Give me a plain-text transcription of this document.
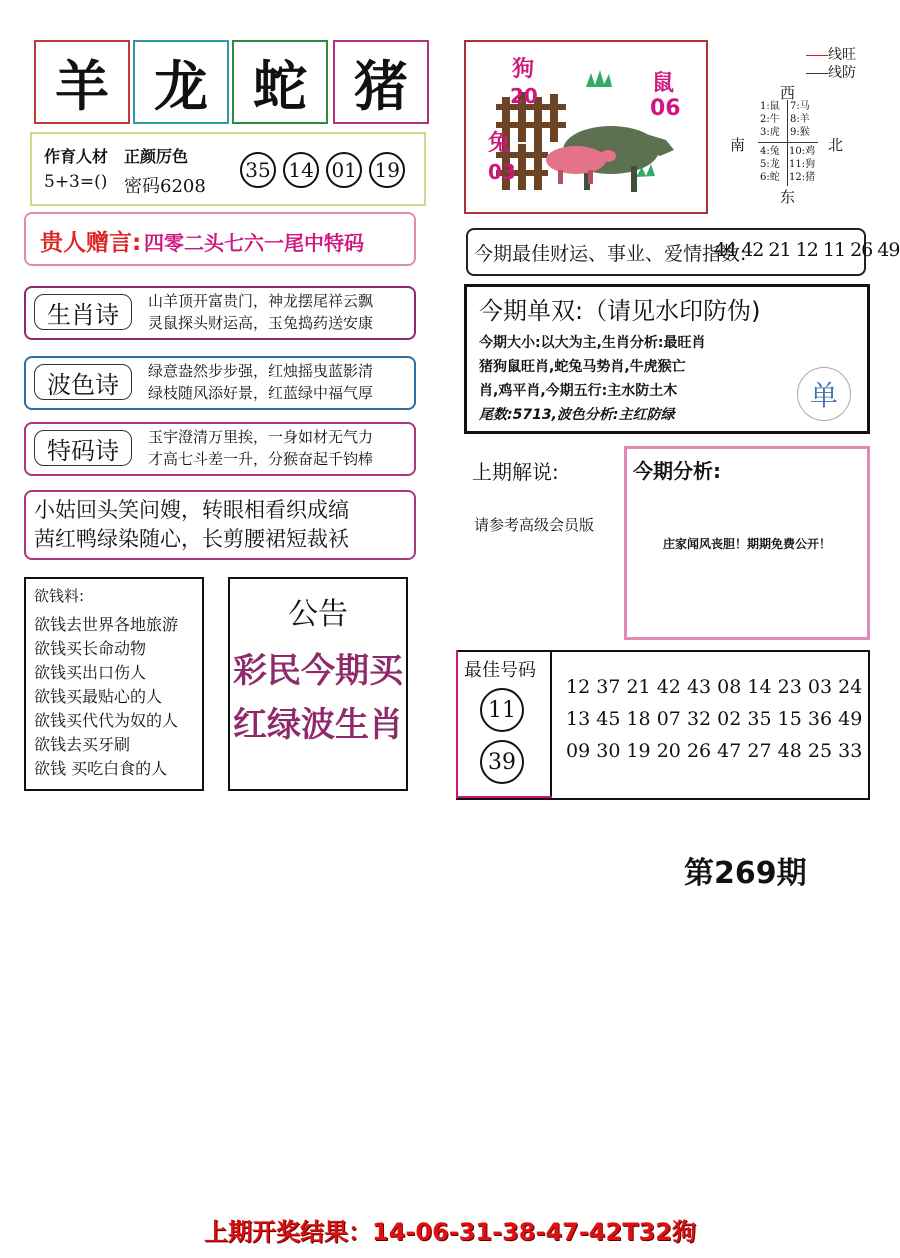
羊 龙 蛇 猪
作育人材　正颜厉色
5+3=() 密码6208
35 14 01 19
贵人赠言: 四零二头七六一尾中特码
生肖诗	山羊顶开富贵门，神龙摆尾祥云飘
灵鼠探头财运高，玉兔捣药送安康
波色诗	绿意盎然步步强，红烛摇曳蓝影清
绿枝随风添好景，红蓝绿中福气厚
特码诗	玉宇澄清万里挨，一身如材无气力
才高七斗差一升，分猴奋起千钧棒
小姑回头笑问嫂，转眼相看织成缟
茜红鸭绿染随心，长剪腰裙短裁袄
欲钱料:
欲钱去世界各地旅游
欲钱买长命动物
欲钱买出口伤人
欲钱买最贴心的人
欲钱买代代为奴的人
欲钱去买牙刷
欲钱 买吃白食的人
公告
彩民今期买
红绿波生肖
狗
20
兔
03
鼠
06
线旺
线防
西
南	北
东
1:鼠
2:牛
3:虎
7:马
8:羊
9:猴
4:兔
5:龙
6:蛇
10:鸡
11:狗
12:猪
今期最佳财运、事业、爱情指数:
44 42 21 12 11 26 49
今期单双:（请见水印防伪)
今期大小:以大为主,生肖分析:最旺肖
猪狗鼠旺肖,蛇兔马势肖,牛虎猴亡
肖,鸡平肖,今期五行:主水防土木
尾数:5713,波色分析:主红防绿
单
上期解说:
请参考高级会员版
今期分析:
庄家闻风丧胆！期期免费公开！
最佳号码
11
39
12 37 21 42 43 08 14 23 03 24
13 45 18 07 32 02 35 15 36 49
09 30 19 20 26 47 27 48 25 33
第269期
上期开奖结果：14-06-31-38-47-42T32狗
